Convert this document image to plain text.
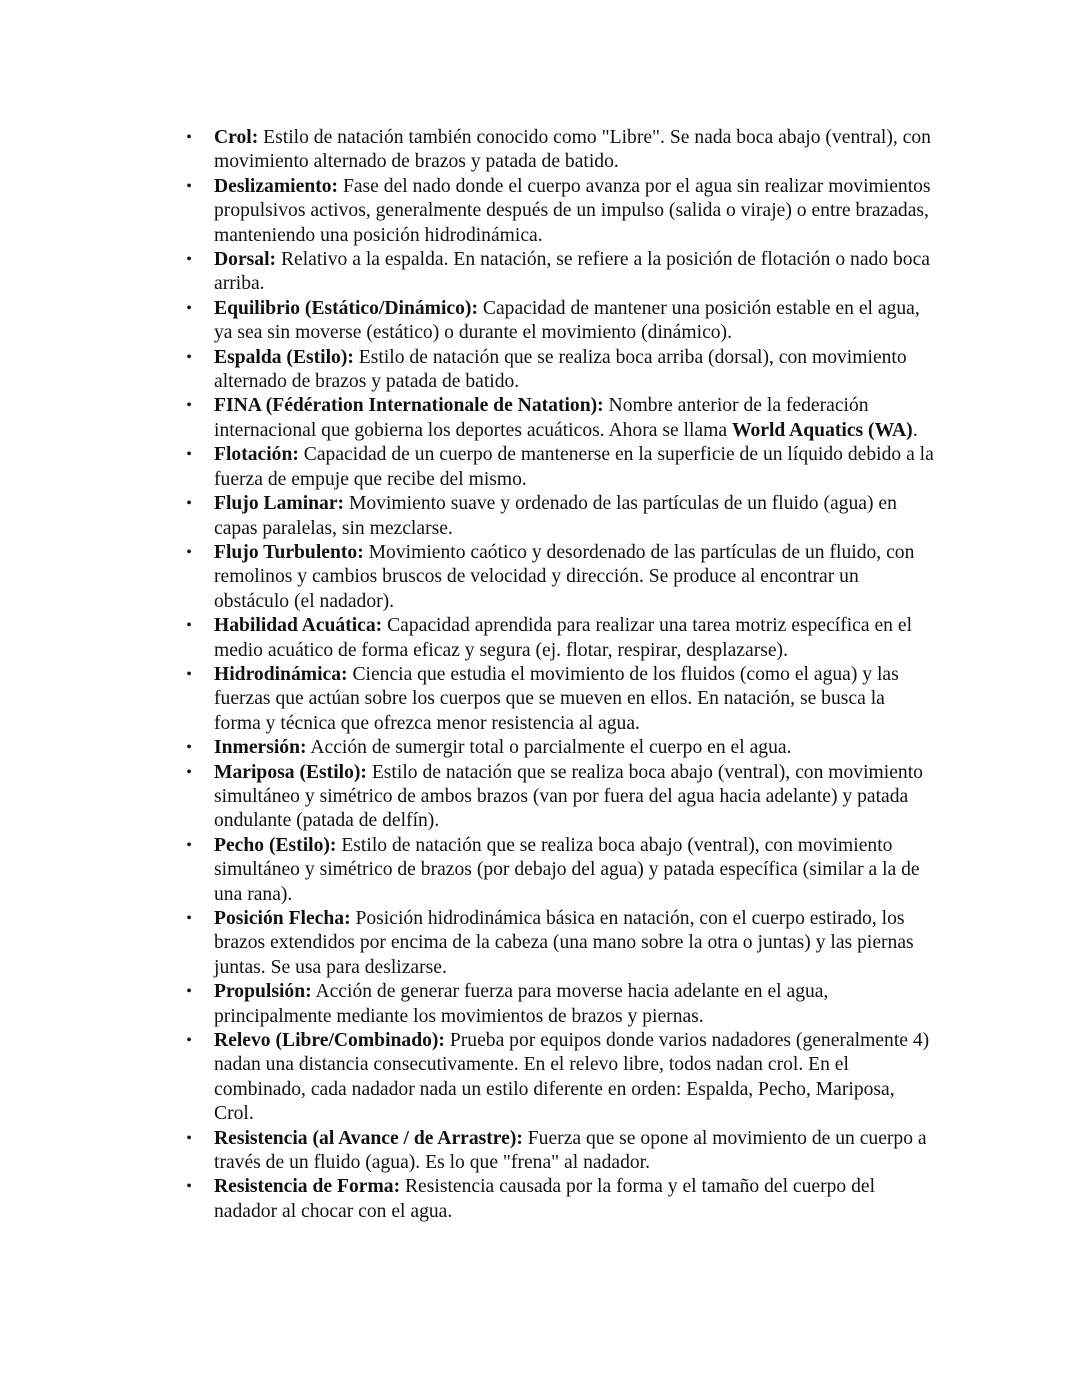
• Crol: Estilo de natación también conocido como "Libre". Se nada boca abajo (ventral), con movimiento alternado de brazos y patada de batido.
• Deslizamiento: Fase del nado donde el cuerpo avanza por el agua sin realizar movimientos propulsivos activos, generalmente después de un impulso (salida o viraje) o entre brazadas, manteniendo una posición hidrodinámica.
• Dorsal: Relativo a la espalda. En natación, se refiere a la posición de flotación o nado boca arriba.
• Equilibrio (Estático/Dinámico): Capacidad de mantener una posición estable en el agua, ya sea sin moverse (estático) o durante el movimiento (dinámico).
• Espalda (Estilo): Estilo de natación que se realiza boca arriba (dorsal), con movimiento alternado de brazos y patada de batido.
• FINA (Fédération Internationale de Natation): Nombre anterior de la federación internacional que gobierna los deportes acuáticos. Ahora se llama World Aquatics (WA).
• Flotación: Capacidad de un cuerpo de mantenerse en la superficie de un líquido debido a la fuerza de empuje que recibe del mismo.
• Flujo Laminar: Movimiento suave y ordenado de las partículas de un fluido (agua) en capas paralelas, sin mezclarse.
• Flujo Turbulento: Movimiento caótico y desordenado de las partículas de un fluido, con remolinos y cambios bruscos de velocidad y dirección. Se produce al encontrar un obstáculo (el nadador).
• Habilidad Acuática: Capacidad aprendida para realizar una tarea motriz específica en el medio acuático de forma eficaz y segura (ej. flotar, respirar, desplazarse).
• Hidrodinámica: Ciencia que estudia el movimiento de los fluidos (como el agua) y las fuerzas que actúan sobre los cuerpos que se mueven en ellos. En natación, se busca la forma y técnica que ofrezca menor resistencia al agua.
• Inmersión: Acción de sumergir total o parcialmente el cuerpo en el agua.
• Mariposa (Estilo): Estilo de natación que se realiza boca abajo (ventral), con movimiento simultáneo y simétrico de ambos brazos (van por fuera del agua hacia adelante) y patada ondulante (patada de delfín).
• Pecho (Estilo): Estilo de natación que se realiza boca abajo (ventral), con movimiento simultáneo y simétrico de brazos (por debajo del agua) y patada específica (similar a la de una rana).
• Posición Flecha: Posición hidrodinámica básica en natación, con el cuerpo estirado, los brazos extendidos por encima de la cabeza (una mano sobre la otra o juntas) y las piernas juntas. Se usa para deslizarse.
• Propulsión: Acción de generar fuerza para moverse hacia adelante en el agua, principalmente mediante los movimientos de brazos y piernas.
• Relevo (Libre/Combinado): Prueba por equipos donde varios nadadores (generalmente 4) nadan una distancia consecutivamente. En el relevo libre, todos nadan crol. En el combinado, cada nadador nada un estilo diferente en orden: Espalda, Pecho, Mariposa, Crol.
• Resistencia (al Avance / de Arrastre): Fuerza que se opone al movimiento de un cuerpo a través de un fluido (agua). Es lo que "frena" al nadador.
• Resistencia de Forma: Resistencia causada por la forma y el tamaño del cuerpo del nadador al chocar con el agua.
